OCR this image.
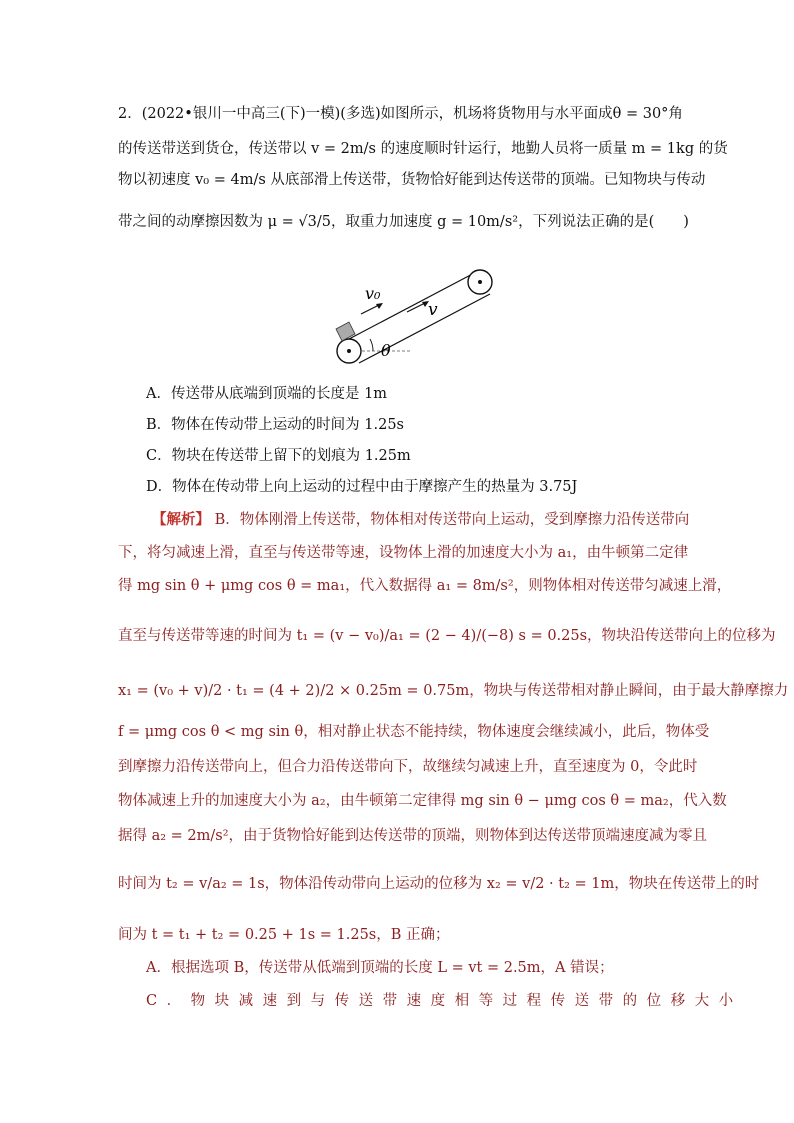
2．(2022•银川一中高三(下)一模)(多选)如图所示，机场将货物用与水平面成θ = 30°角
的传送带送到货仓，传送带以 v = 2m/s 的速度顺时针运行，地勤人员将一质量 m = 1kg 的货
物以初速度 v₀ = 4m/s 从底部滑上传送带，货物恰好能到达传送带的顶端。已知物块与传动
带之间的动摩擦因数为 μ = √3/5，取重力加速度 g = 10m/s²，下列说法正确的是(　　)
v₀
v
θ
A．传送带从底端到顶端的长度是 1m
B．物体在传动带上运动的时间为 1.25s
C．物块在传送带上留下的划痕为 1.25m
D．物体在传动带上向上运动的过程中由于摩擦产生的热量为 3.75J
【解析】 B．物体刚滑上传送带，物体相对传送带向上运动，受到摩擦力沿传送带向
下，将匀减速上滑，直至与传送带等速，设物体上滑的加速度大小为 a₁，由牛顿第二定律
得 mg sin θ + μmg cos θ = ma₁，代入数据得 a₁ = 8m/s²，则物体相对传送带匀减速上滑，
直至与传送带等速的时间为 t₁ = (v − v₀)/a₁ = (2 − 4)/(−8) s = 0.25s，物块沿传送带向上的位移为
x₁ = (v₀ + v)/2 · t₁ = (4 + 2)/2 × 0.25m = 0.75m，物块与传送带相对静止瞬间，由于最大静摩擦力
f = μmg cos θ < mg sin θ，相对静止状态不能持续，物体速度会继续减小，此后，物体受
到摩擦力沿传送带向上，但合力沿传送带向下，故继续匀减速上升，直至速度为 0，令此时
物体减速上升的加速度大小为 a₂，由牛顿第二定律得 mg sin θ − μmg cos θ = ma₂，代入数
据得 a₂ = 2m/s²，由于货物恰好能到达传送带的顶端，则物体到达传送带顶端速度减为零且
时间为 t₂ = v/a₂ = 1s，物体沿传动带向上运动的位移为 x₂ = v/2 · t₂ = 1m，物块在传送带上的时
间为 t = t₁ + t₂ = 0.25 + 1s = 1.25s，B 正确；
A．根据选项 B，传送带从低端到顶端的长度 L = vt = 2.5m，A 错误；
C．物块减速到与传送带速度相等过程传送带的位移大小
